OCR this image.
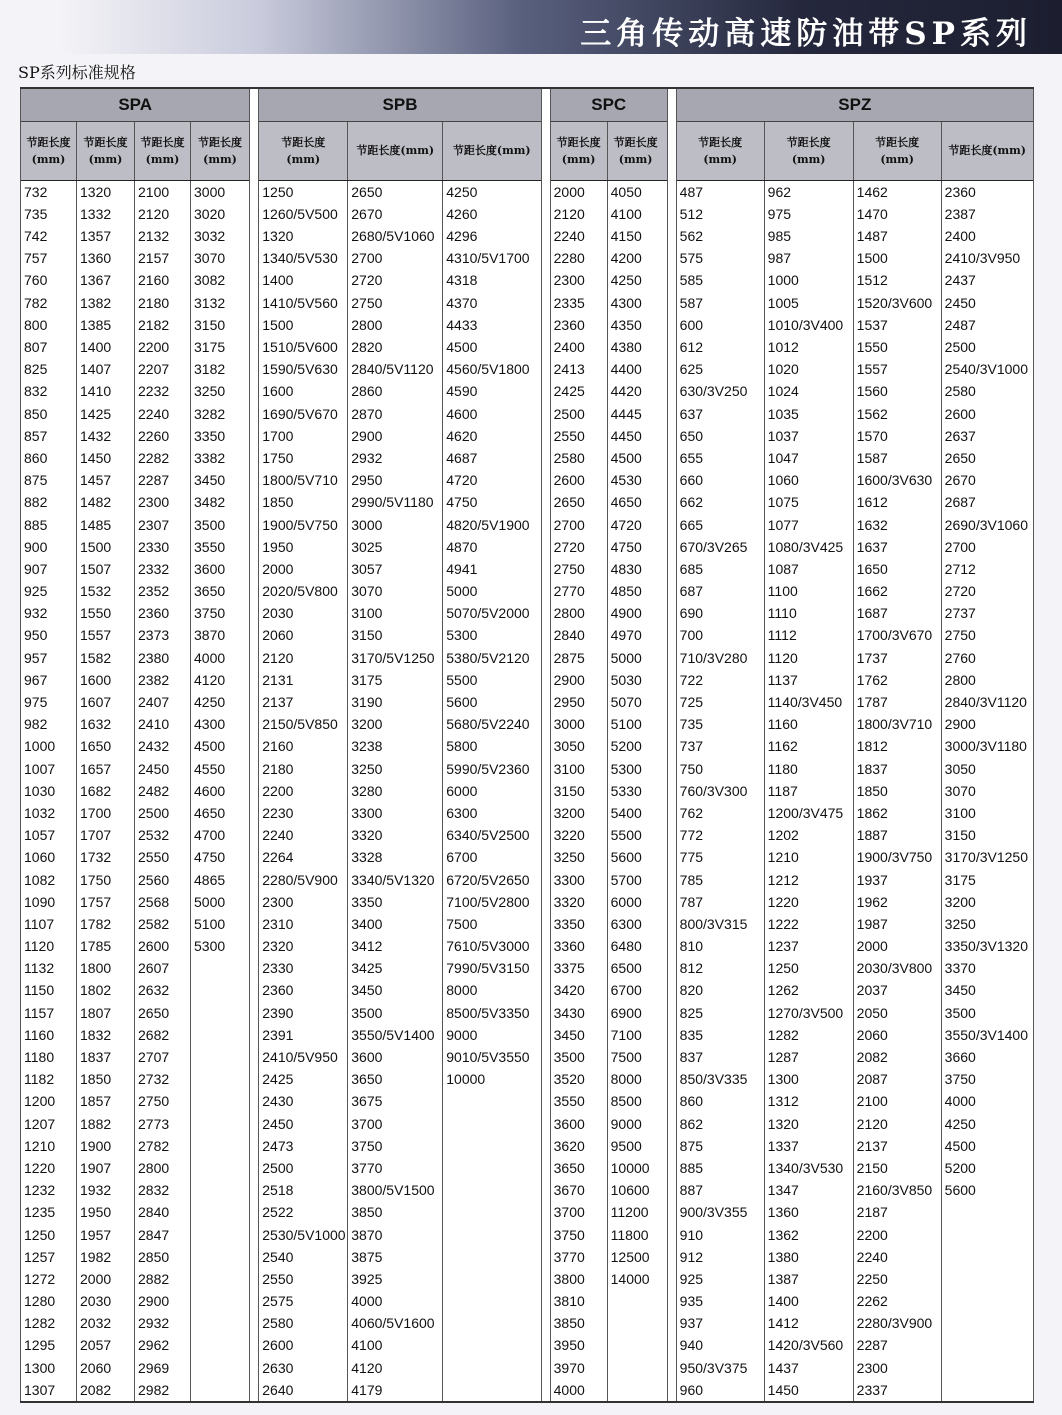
三角传动高速防油带SP系列
SP系列标准规格
SPA
节距长度
(mm)
节距长度
(mm)
节距长度
(mm)
节距长度
(mm)
732
735
742
757
760
782
800
807
825
832
850
857
860
875
882
885
900
907
925
932
950
957
967
975
982
1000
1007
1030
1032
1057
1060
1082
1090
1107
1120
1132
1150
1157
1160
1180
1182
1200
1207
1210
1220
1232
1235
1250
1257
1272
1280
1282
1295
1300
1307
1320
1332
1357
1360
1367
1382
1385
1400
1407
1410
1425
1432
1450
1457
1482
1485
1500
1507
1532
1550
1557
1582
1600
1607
1632
1650
1657
1682
1700
1707
1732
1750
1757
1782
1785
1800
1802
1807
1832
1837
1850
1857
1882
1900
1907
1932
1950
1957
1982
2000
2030
2032
2057
2060
2082
2100
2120
2132
2157
2160
2180
2182
2200
2207
2232
2240
2260
2282
2287
2300
2307
2330
2332
2352
2360
2373
2380
2382
2407
2410
2432
2450
2482
2500
2532
2550
2560
2568
2582
2600
2607
2632
2650
2682
2707
2732
2750
2773
2782
2800
2832
2840
2847
2850
2882
2900
2932
2962
2969
2982
3000
3020
3032
3070
3082
3132
3150
3175
3182
3250
3282
3350
3382
3450
3482
3500
3550
3600
3650
3750
3870
4000
4120
4250
4300
4500
4550
4600
4650
4700
4750
4865
5000
5100
5300
SPB
节距长度
(mm)
节距长度(mm)	节距长度(mm)
1250
1260/5V500
1320
1340/5V530
1400
1410/5V560
1500
1510/5V600
1590/5V630
1600
1690/5V670
1700
1750
1800/5V710
1850
1900/5V750
1950
2000
2020/5V800
2030
2060
2120
2131
2137
2150/5V850
2160
2180
2200
2230
2240
2264
2280/5V900
2300
2310
2320
2330
2360
2390
2391
2410/5V950
2425
2430
2450
2473
2500
2518
2522
2530/5V1000
2540
2550
2575
2580
2600
2630
2640
2650
2670
2680/5V1060
2700
2720
2750
2800
2820
2840/5V1120
2860
2870
2900
2932
2950
2990/5V1180
3000
3025
3057
3070
3100
3150
3170/5V1250
3175
3190
3200
3238
3250
3280
3300
3320
3328
3340/5V1320
3350
3400
3412
3425
3450
3500
3550/5V1400
3600
3650
3675
3700
3750
3770
3800/5V1500
3850
3870
3875
3925
4000
4060/5V1600
4100
4120
4179
4250
4260
4296
4310/5V1700
4318
4370
4433
4500
4560/5V1800
4590
4600
4620
4687
4720
4750
4820/5V1900
4870
4941
5000
5070/5V2000
5300
5380/5V2120
5500
5600
5680/5V2240
5800
5990/5V2360
6000
6300
6340/5V2500
6700
6720/5V2650
7100/5V2800
7500
7610/5V3000
7990/5V3150
8000
8500/5V3350
9000
9010/5V3550
10000
SPC
节距长度
(mm)
节距长度
(mm)
2000
2120
2240
2280
2300
2335
2360
2400
2413
2425
2500
2550
2580
2600
2650
2700
2720
2750
2770
2800
2840
2875
2900
2950
3000
3050
3100
3150
3200
3220
3250
3300
3320
3350
3360
3375
3420
3430
3450
3500
3520
3550
3600
3620
3650
3670
3700
3750
3770
3800
3810
3850
3950
3970
4000
4050
4100
4150
4200
4250
4300
4350
4380
4400
4420
4445
4450
4500
4530
4650
4720
4750
4830
4850
4900
4970
5000
5030
5070
5100
5200
5300
5330
5400
5500
5600
5700
6000
6300
6480
6500
6700
6900
7100
7500
8000
8500
9000
9500
10000
10600
11200
11800
12500
14000
SPZ
节距长度
(mm)
节距长度
(mm)
节距长度
(mm)
节距长度(mm)
487
512
562
575
585
587
600
612
625
630/3V250
637
650
655
660
662
665
670/3V265
685
687
690
700
710/3V280
722
725
735
737
750
760/3V300
762
772
775
785
787
800/3V315
810
812
820
825
835
837
850/3V335
860
862
875
885
887
900/3V355
910
912
925
935
937
940
950/3V375
960
962
975
985
987
1000
1005
1010/3V400
1012
1020
1024
1035
1037
1047
1060
1075
1077
1080/3V425
1087
1100
1110
1112
1120
1137
1140/3V450
1160
1162
1180
1187
1200/3V475
1202
1210
1212
1220
1222
1237
1250
1262
1270/3V500
1282
1287
1300
1312
1320
1337
1340/3V530
1347
1360
1362
1380
1387
1400
1412
1420/3V560
1437
1450
1462
1470
1487
1500
1512
1520/3V600
1537
1550
1557
1560
1562
1570
1587
1600/3V630
1612
1632
1637
1650
1662
1687
1700/3V670
1737
1762
1787
1800/3V710
1812
1837
1850
1862
1887
1900/3V750
1937
1962
1987
2000
2030/3V800
2037
2050
2060
2082
2087
2100
2120
2137
2150
2160/3V850
2187
2200
2240
2250
2262
2280/3V900
2287
2300
2337
2360
2387
2400
2410/3V950
2437
2450
2487
2500
2540/3V1000
2580
2600
2637
2650
2670
2687
2690/3V1060
2700
2712
2720
2737
2750
2760
2800
2840/3V1120
2900
3000/3V1180
3050
3070
3100
3150
3170/3V1250
3175
3200
3250
3350/3V1320
3370
3450
3500
3550/3V1400
3660
3750
4000
4250
4500
5200
5600
